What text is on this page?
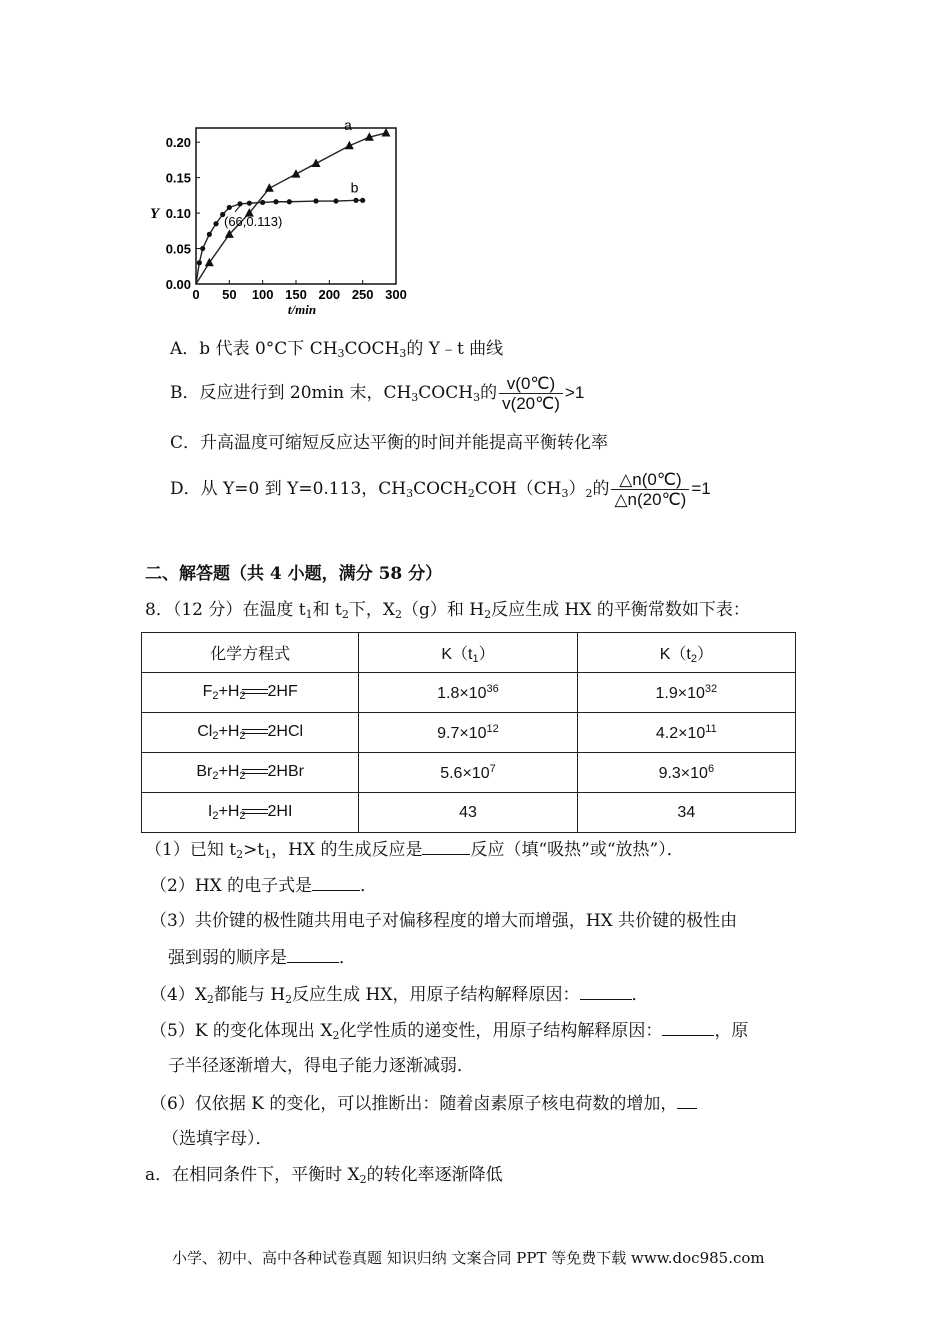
0.00
0.05
0.10
0.15
0.20
0 50 100 150 200 250 300
t/min
Y
a
b
(66,0.113)
A．b 代表 0°C下 $CH_3COCH_3$的 Y﹣t 曲线
B．反应进行到 20min 末，$CH_3COCH_3$的 $\frac{v(0℃)}{v(20℃)} >1$
C．升高温度可缩短反应达平衡的时间并能提高平衡转化率
D．从 Y=0 到 Y=0.113，$CH_3COCH_2COH(CH_3)_2$的 $\frac{\triangle n(0℃)}{\triangle n(20℃)} =1$
二、解答题（共 4 小题，满分 58 分）
8．（12 分）在温度 $t_1$和 $t_2$下，$X_2(g)$和 $H_2$反应生成 HX 的平衡常数如下表：
化学方程式	$K(t_1)$	$K(t_2)$
$F_2+H_2$ 2HF	$1.8\times 10^{36}$	$1.9\times 10^{32}$
$Cl_2+H_2$ 2HCl	$9.7\times 10^{12}$	$4.2\times 10^{11}$
$Br_2+H_2$ 2HBr	$5.6\times 10^7$	$9.3\times 10^6$
$I_2+H_2$ 2HI	43	34
（1）已知 $t_2>t_1$，HX 的生成反应是	反应（填“吸热”或“放热”）．
（2）HX 的电子式是	．
（3）共价键的极性随共用电子对偏移程度的增大而增强，HX 共价键的极性由
强到弱的顺序是	．
$(4)X_2$都能与 $H_2$反应生成 HX，用原子结构解释原因：	．
（5）K 的变化体现出 $X_2$化学性质的递变性，用原子结构解释原因：	，原
子半径逐渐增大，得电子能力逐渐减弱．
（6）仅依据 K 的变化，可以推断出：随着卤素原子核电荷数的增加，
（选填字母）．
a．在相同条件下，平衡时 $X_2$的转化率逐渐降低
小学、初中、高中各种试卷真题 知识归纳 文案合同 PPT 等免费下载 www.doc985.com
